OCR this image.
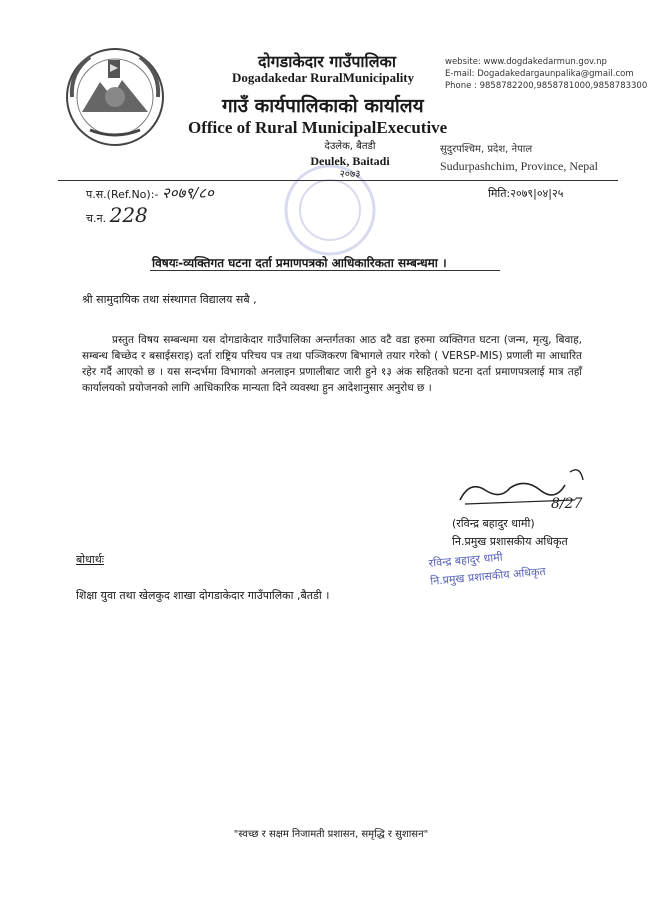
दोगडाकेदार गाउँपालिका
Dogadakedar RuralMunicipality
गाउँ कार्यपालिकाको कार्यालय
Office of Rural MunicipalExecutive
देउलेक, बैतडी
Deulek, Baitadi
२०७३
website: www.dogdakedarmun.gov.np
E-mail: Dogadakedargaunpalika@gmail.com
Phone : 9858782200,9858781000,9858783300
सुदुरपश्चिम, प्रदेश, नेपाल
Sudurpashchim, Province, Nepal
प.स.(Ref.No):- २०७९/८०
च.न. 228
मिति:२०७९|०४|२५
विषयः-व्यक्तिगत घटना दर्ता प्रमाणपत्रको आधिकारिकता सम्बन्धमा ।
श्री सामुदायिक तथा संस्थागत विद्यालय सबै ,
प्रस्तुत विषय सम्बन्धमा यस दोगडाकेदार गाउँपालिका अन्तर्गतका आठ वटै वडा हरुमा व्यक्तिगत घटना (जन्म, मृत्यु, बिवाह, सम्बन्ध बिच्छेद र बसाईसराइ) दर्ता राष्ट्रिय परिचय पत्र तथा पञ्जिकरण बिभागले तयार गरेको ( VERSP-MIS) प्रणाली मा आधारित रहेर गर्दै आएको छ । यस सन्दर्भमा विभागको अनलाइन प्रणालीबाट जारी हुने १३ अंक सहितको घटना दर्ता प्रमाणपत्रलाई मात्र तहाँ कार्यालयको प्रयोजनको लागि आधिकारिक मान्यता दिने व्यवस्था हुन आदेशानुसार अनुरोध छ ।
8/27
(रविन्द्र बहादुर धामी)
नि.प्रमुख प्रशासकीय अधिकृत
रविन्द्र बहादुर धामी
नि.प्रमुख प्रशासकीय अधिकृत
बोधार्थः
शिक्षा युवा तथा खेलकुद शाखा दोगडाकेदार गाउँपालिका ,बैतडी ।
"स्वच्छ र सक्षम निजामती प्रशासन, समृद्धि र सुशासन"
